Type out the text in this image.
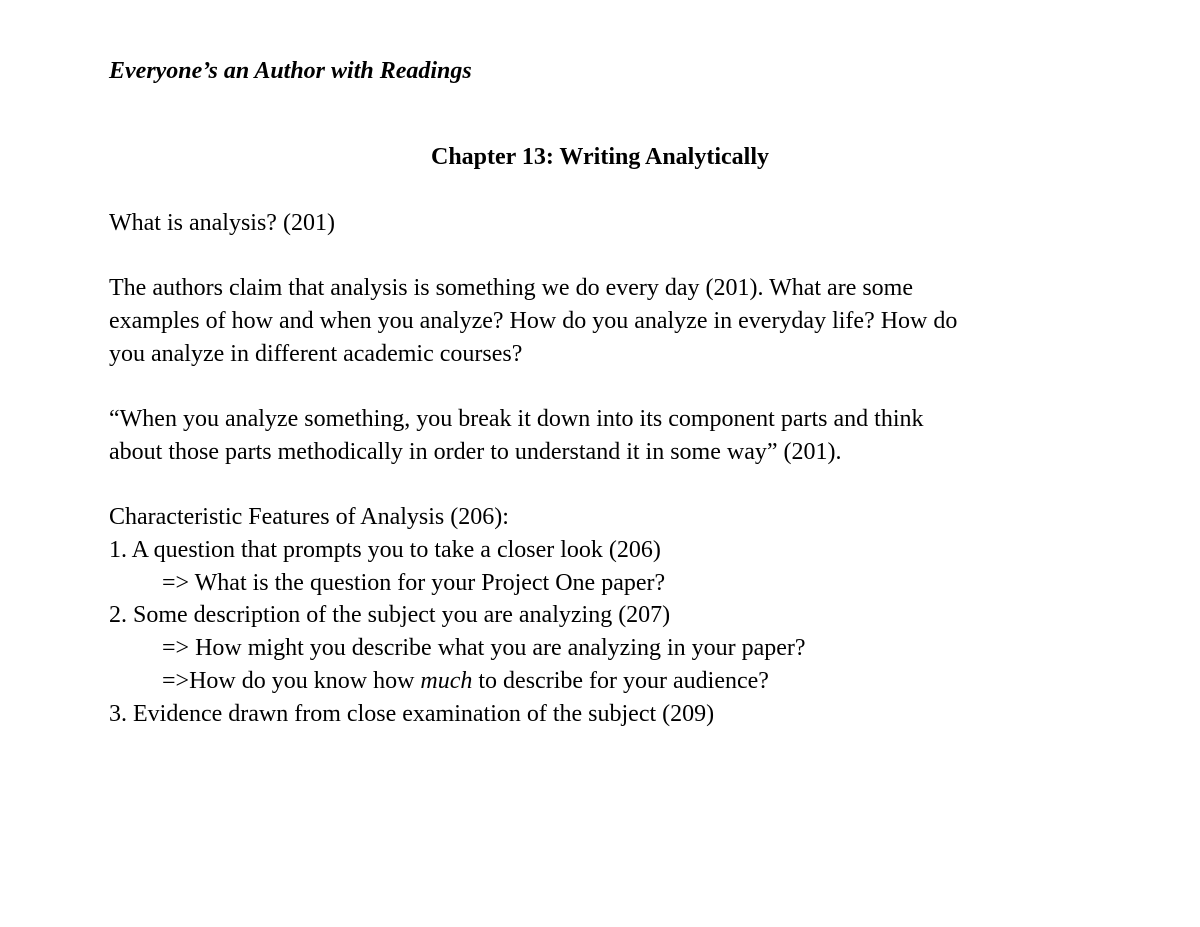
Everyone’s an Author with Readings
Chapter 13: Writing Analytically
What is analysis? (201)
The authors claim that analysis is something we do every day (201). What are some
examples of how and when you analyze? How do you analyze in everyday life? How do
you analyze in different academic courses?
“When you analyze something, you break it down into its component parts and think
about those parts methodically in order to understand it in some way” (201).
Characteristic Features of Analysis (206):
1. A question that prompts you to take a closer look (206)
=> What is the question for your Project One paper?
2. Some description of the subject you are analyzing (207)
=> How might you describe what you are analyzing in your paper?
=>How do you know how much to describe for your audience?
3. Evidence drawn from close examination of the subject (209)
